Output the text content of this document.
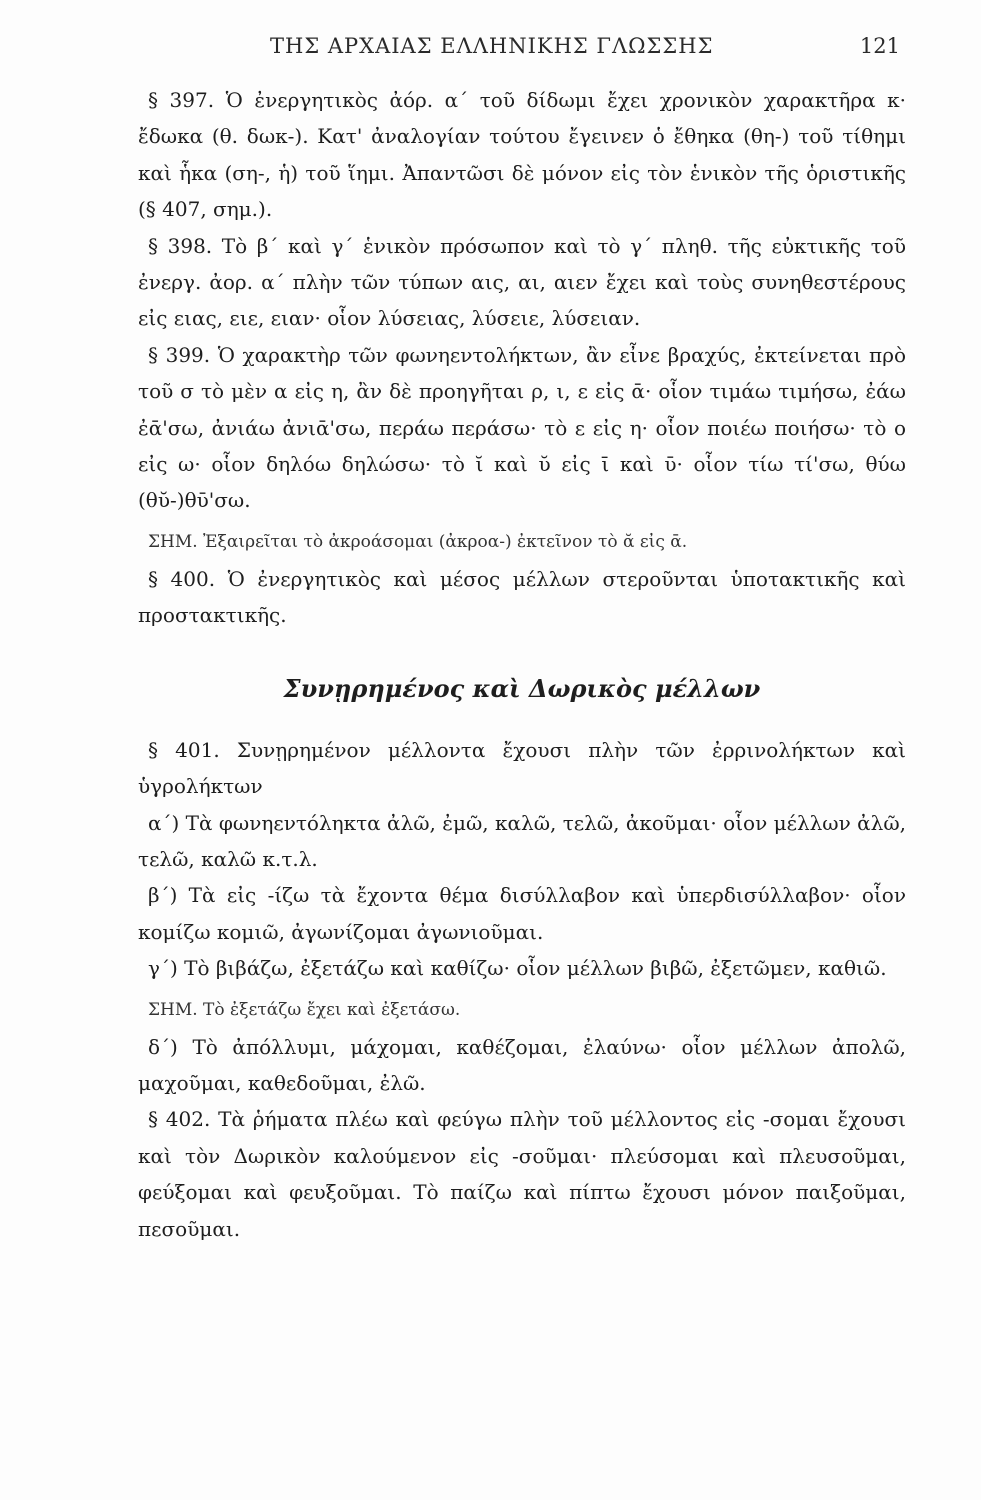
ΤΗΣ ΑΡΧΑΙΑΣ ΕΛΛΗΝΙΚΗΣ ΓΛΩΣΣΗΣ	121

§ 397. Ὁ ἐνεργητικὸς ἀόρ. α΄ τοῦ δίδωμι ἔχει χρονικὸν χαρακτῆρα κ· ἔδωκα (θ. δωκ-). Κατ' ἀναλογίαν τούτου ἔγεινεν ὁ ἔθηκα (θη-) τοῦ τίθημι καὶ ἧκα (ση-, ἡ) τοῦ ἵημι. Ἀπαντῶσι δὲ μόνον εἰς τὸν ἑνικὸν τῆς ὁριστικῆς (§ 407, σημ.).

§ 398. Τὸ β΄ καὶ γ΄ ἑνικὸν πρόσωπον καὶ τὸ γ΄ πληθ. τῆς εὐκτικῆς τοῦ ἐνεργ. ἀορ. α΄ πλὴν τῶν τύπων αις, αι, αιεν ἔχει καὶ τοὺς συνηθεστέρους εἰς ειας, ειε, ειαν· οἷον λύσειας, λύσειε, λύσειαν.

§ 399. Ὁ χαρακτὴρ τῶν φωνηεντολήκτων, ἂν εἶνε βραχύς, ἐκτείνεται πρὸ τοῦ σ τὸ μὲν α εἰς η, ἂν δὲ προηγῆται ρ, ι, ε εἰς ᾱ· οἷον τιμάω τιμήσω, ἐάω ἐᾱ'σω, ἀνιάω ἀνιᾱ'σω, περάω περάσω· τὸ ε εἰς η· οἷον ποιέω ποιήσω· τὸ ο εἰς ω· οἷον δηλόω δηλώσω· τὸ ῐ καὶ ῠ εἰς ῑ καὶ ῡ· οἷον τίω τί'σω, θύω (θῠ-)θῡ'σω.

ΣΗΜ. Ἐξαιρεῖται τὸ ἀκροάσομαι (ἀκροα-) ἐκτεῖνον τὸ ᾰ εἰς ᾱ.

§ 400. Ὁ ἐνεργητικὸς καὶ μέσος μέλλων στεροῦνται ὑποτακτικῆς καὶ προστακτικῆς.

Συνῃρημένος καὶ Δωρικὸς μέλλων

§ 401. Συνῃρημένον μέλλοντα ἔχουσι πλὴν τῶν ἐρρινολήκτων καὶ ὑγρολήκτων

α΄) Τὰ φωνηεντόληκτα ἀλῶ, ἐμῶ, καλῶ, τελῶ, ἀκοῦμαι· οἷον μέλλων ἀλῶ, τελῶ, καλῶ κ.τ.λ.

β΄) Τὰ εἰς -ίζω τὰ ἔχοντα θέμα δισύλλαβον καὶ ὑπερδισύλλαβον· οἷον κομίζω κομιῶ, ἀγωνίζομαι ἀγωνιοῦμαι.

γ΄) Τὸ βιβάζω, ἐξετάζω καὶ καθίζω· οἷον μέλλων βιβῶ, ἐξετῶμεν, καθιῶ.

ΣΗΜ. Τὸ ἐξετάζω ἔχει καὶ ἐξετάσω.

δ΄) Τὸ ἀπόλλυμι, μάχομαι, καθέζομαι, ἐλαύνω· οἷον μέλλων ἀπολῶ, μαχοῦμαι, καθεδοῦμαι, ἐλῶ.

§ 402. Τὰ ῥήματα πλέω καὶ φεύγω πλὴν τοῦ μέλλοντος εἰς -σομαι ἔχουσι καὶ τὸν Δωρικὸν καλούμενον εἰς -σοῦμαι· πλεύσομαι καὶ πλευσοῦμαι, φεύξομαι καὶ φευξοῦμαι. Τὸ παίζω καὶ πίπτω ἔχουσι μόνον παιξοῦμαι, πεσοῦμαι.
